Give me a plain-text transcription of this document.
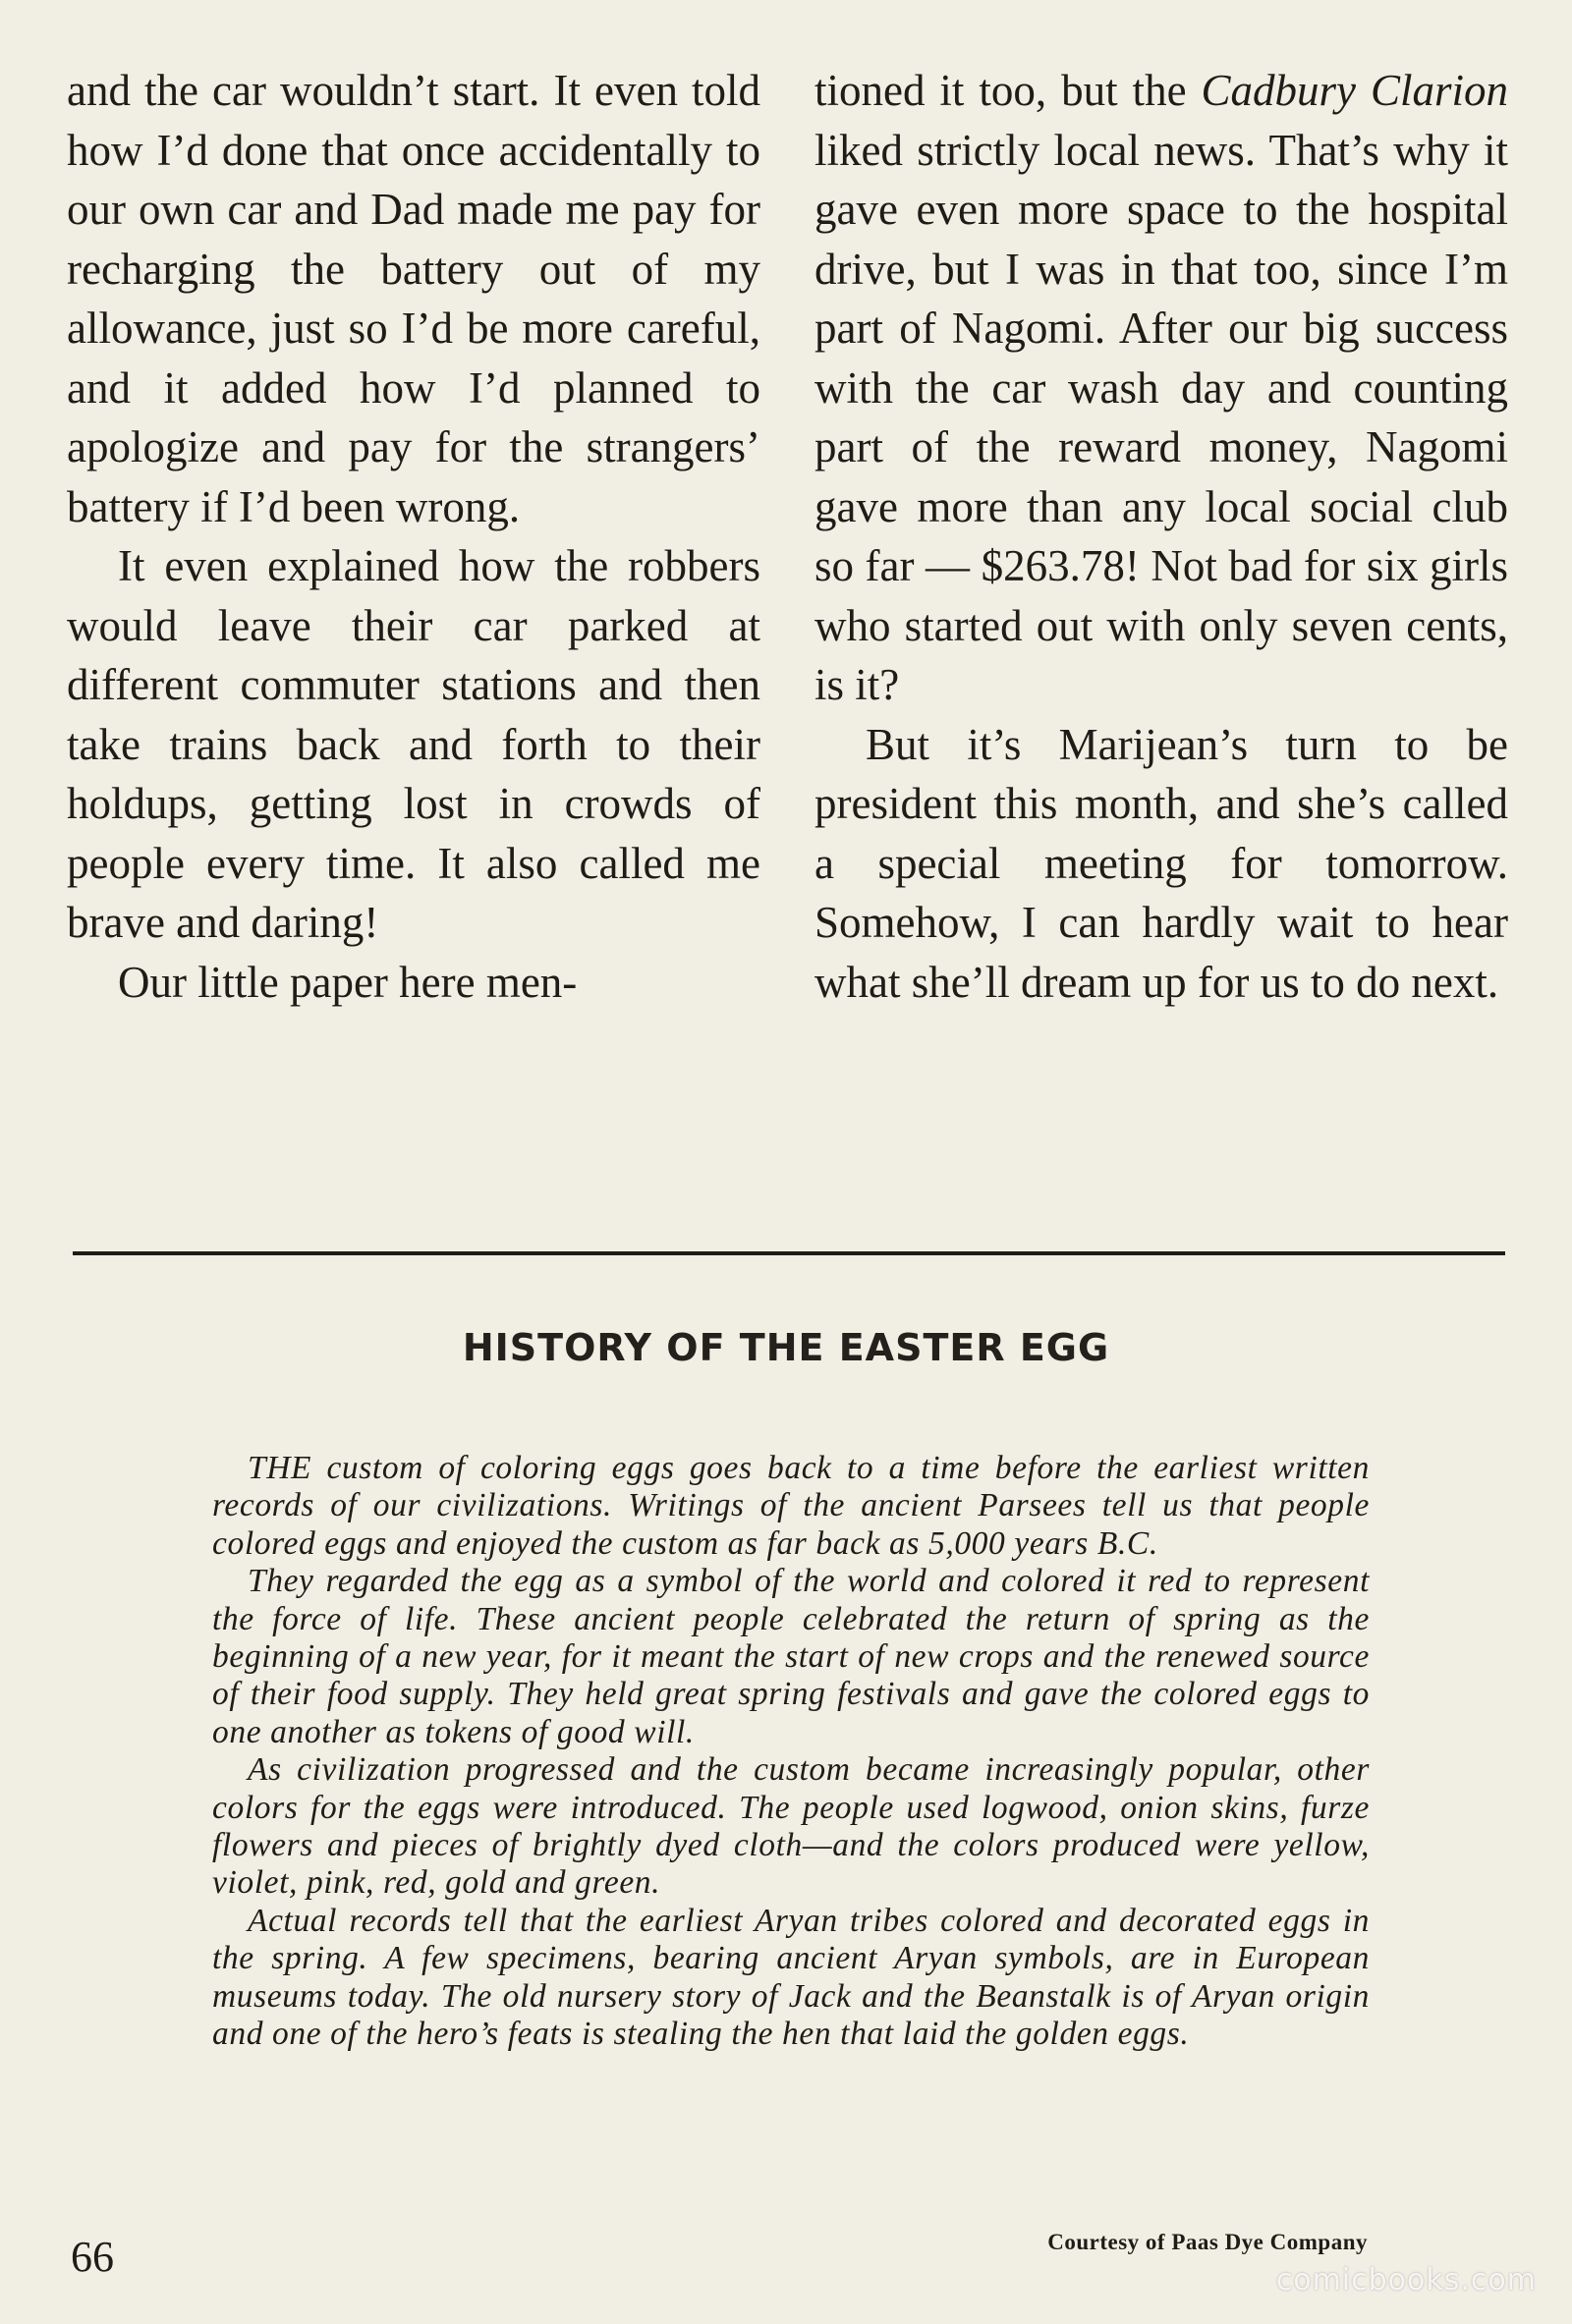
and the car wouldn’t start. It even told how I’d done that once accidentally to our own car and Dad made me pay for recharging the battery out of my allowance, just so I’d be more careful, and it added how I’d planned to apologize and pay for the strangers’ battery if I’d been wrong.

It even explained how the robbers would leave their car parked at different commuter stations and then take trains back and forth to their holdups, getting lost in crowds of people every time. It also called me brave and daring!

Our little paper here men-

tioned it too, but the Cadbury Clarion liked strictly local news. That’s why it gave even more space to the hospital drive, but I was in that too, since I’m part of Nagomi. After our big success with the car wash day and counting part of the reward money, Nagomi gave more than any local social club so far — $263.78! Not bad for six girls who started out with only seven cents, is it?

But it’s Marijean’s turn to be president this month, and she’s called a special meeting for tomorrow. Somehow, I can hardly wait to hear what she’ll dream up for us to do next.

HISTORY OF THE EASTER EGG

THE custom of coloring eggs goes back to a time before the earliest written records of our civilizations. Writings of the ancient Parsees tell us that people colored eggs and enjoyed the custom as far back as 5,000 years B.C.

They regarded the egg as a symbol of the world and colored it red to represent the force of life. These ancient people celebrated the return of spring as the beginning of a new year, for it meant the start of new crops and the renewed source of their food supply. They held great spring festivals and gave the colored eggs to one another as tokens of good will.

As civilization progressed and the custom became increasingly popular, other colors for the eggs were introduced. The people used logwood, onion skins, furze flowers and pieces of brightly dyed cloth—and the colors produced were yellow, violet, pink, red, gold and green.

Actual records tell that the earliest Aryan tribes colored and decorated eggs in the spring. A few specimens, bearing ancient Aryan symbols, are in European museums today. The old nursery story of Jack and the Beanstalk is of Aryan origin and one of the hero’s feats is stealing the hen that laid the golden eggs.

66	Courtesy of Paas Dye Company
comicbooks.com
